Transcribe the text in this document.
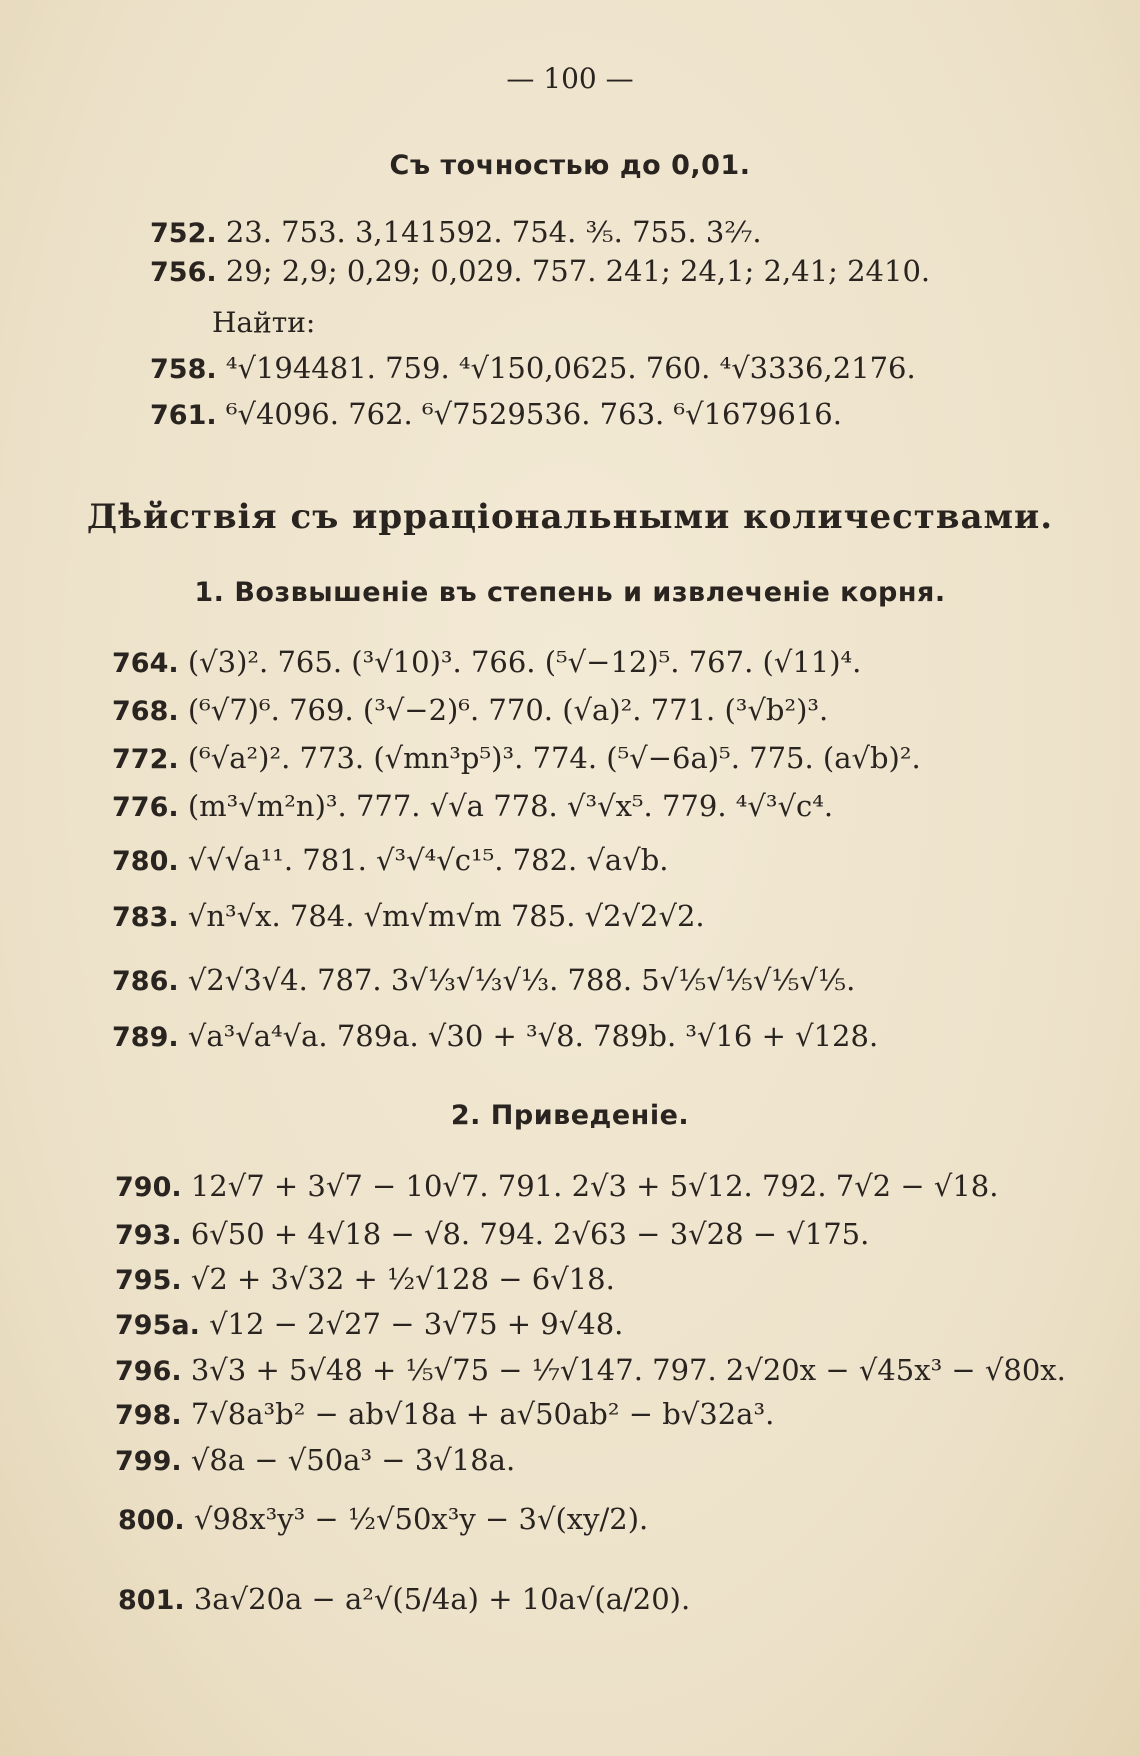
— 100 —
Съ точностью до 0,01.
Найти:
Дѣйствія съ ирраціональными количествами.
1. Возвышеніе въ степень и извлеченіе корня.
2. Приведеніе.
752. 23. 753. 3,141592. 754. ³⁄₅. 755. 3²⁄₇.
756. 29; 2,9; 0,29; 0,029. 757. 241; 24,1; 2,41; 2410.
758. ⁴√194481. 759. ⁴√150,0625. 760. ⁴√3336,2176.
761. ⁶√4096. 762. ⁶√7529536. 763. ⁶√1679616.
764. (√3)². 765. (³√10)³. 766. (⁵√−12)⁵. 767. (√11)⁴.
768. (⁶√7)⁶. 769. (³√−2)⁶. 770. (√a)². 771. (³√b²)³.
772. (⁶√a²)². 773. (√mn³p⁵)³. 774. (⁵√−6a)⁵. 775. (a√b)².
776. (m³√m²n)³. 777. √√a 778. √³√x⁵. 779. ⁴√³√c⁴.
780. √√√a¹¹. 781. √³√⁴√c¹⁵. 782. √a√b.
783. √n³√x. 784. √m√m√m 785. √2√2√2.
786. √2√3√4. 787. 3√⅓√⅓√⅓. 788. 5√⅕√⅕√⅕√⅕.
789. √a³√a⁴√a. 789a. √30 + ³√8. 789b. ³√16 + √128.
790. 12√7 + 3√7 − 10√7. 791. 2√3 + 5√12. 792. 7√2 − √18.
793. 6√50 + 4√18 − √8. 794. 2√63 − 3√28 − √175.
795. √2 + 3√32 + ½√128 − 6√18.
795a. √12 − 2√27 − 3√75 + 9√48.
796. 3√3 + 5√48 + ⅕√75 − ⅐√147. 797. 2√20x − √45x³ − √80x.
798. 7√8a³b² − ab√18a + a√50ab² − b√32a³.
799. √8a − √50a³ − 3√18a.
800. √98x³y³ − ½√50x³y − 3√(xy/2).
801. 3a√20a − a²√(5/4a) + 10a√(a/20).
